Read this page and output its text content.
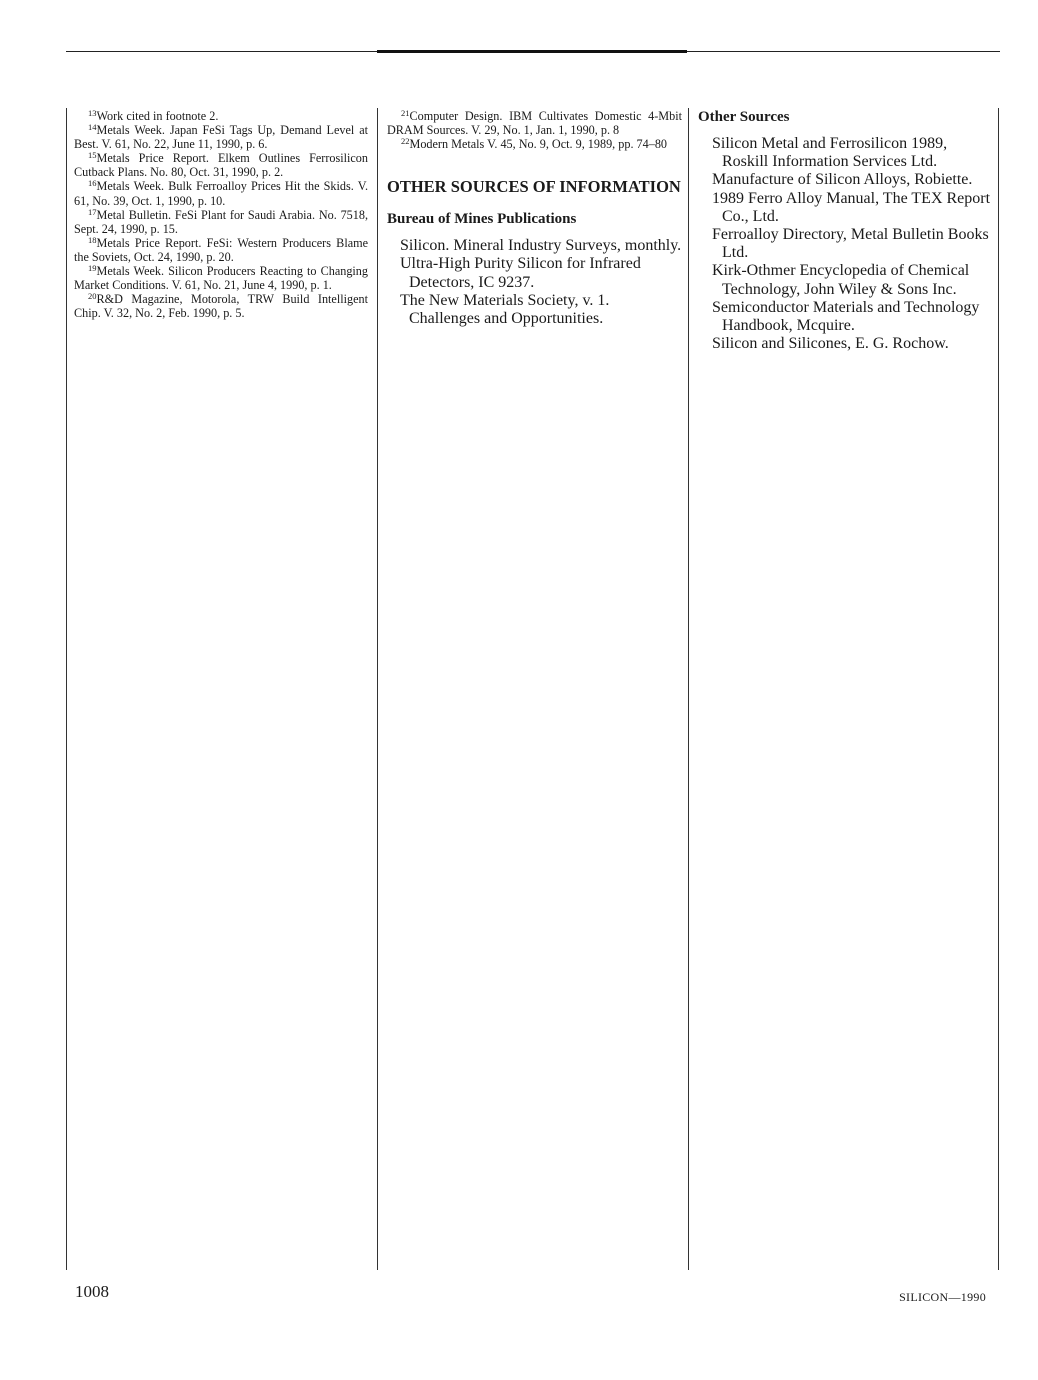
$^{13}$Work cited in footnote 2.

$^{14}$Metals Week. Japan FeSi Tags Up, Demand Level at Best. V. 61, No. 22, June 11, 1990, p. 6.

$^{15}$Metals Price Report. Elkem Outlines Ferrosilicon Cutback Plans. No. 80, Oct. 31, 1990, p. 2.

$^{16}$Metals Week. Bulk Ferroalloy Prices Hit the Skids. V. 61, No. 39, Oct. 1, 1990, p. 10.

$^{17}$Metal Bulletin. FeSi Plant for Saudi Arabia. No. 7518, Sept. 24, 1990, p. 15.

$^{18}$Metals Price Report. FeSi: Western Producers Blame the Soviets, Oct. 24, 1990, p. 20.

$^{19}$Metals Week. Silicon Producers Reacting to Changing Market Conditions. V. 61, No. 21, June 4, 1990, p. 1.

$^{20}$R&D Magazine, Motorola, TRW Build Intelligent Chip. V. 32, No. 2, Feb. 1990, p. 5.

$^{21}$Computer Design. IBM Cultivates Domestic 4-Mbit DRAM Sources. V. 29, No. 1, Jan. 1, 1990, p. 8

$^{22}$Modern Metals V. 45, No. 9, Oct. 9, 1989, pp. 74–80

OTHER SOURCES OF INFORMATION
Bureau of Mines Publications
Silicon. Mineral Industry Surveys, monthly.
Ultra-High Purity Silicon for Infrared Detectors, IC 9237.
The New Materials Society, v. 1. Challenges and Opportunities.
Other Sources
Silicon Metal and Ferrosilicon 1989, Roskill Information Services Ltd.
Manufacture of Silicon Alloys, Robiette.
1989 Ferro Alloy Manual, The TEX Report Co., Ltd.
Ferroalloy Directory, Metal Bulletin Books Ltd.
Kirk-Othmer Encyclopedia of Chemical Technology, John Wiley & Sons Inc.
Semiconductor Materials and Technology Handbook, Mcquire.
Silicon and Silicones, E. G. Rochow.
1008	SILICON—1990
